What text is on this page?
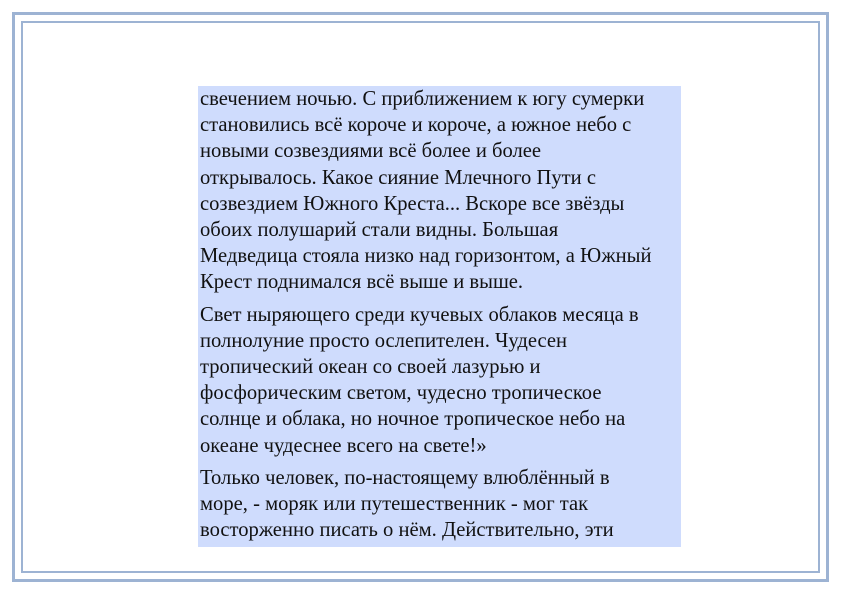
свечением ночью. С приближением к югу сумерки
становились всё короче и короче, а южное небо с
новыми созвездиями всё более и более
открывалось. Какое сияние Млечного Пути с
созвездием Южного Креста... Вскоре все звёзды
обоих полушарий стали видны. Большая
Медведица стояла низко над горизонтом, а Южный
Крест поднимался всё выше и выше.

Свет ныряющего среди кучевых облаков месяца в
полнолуние просто ослепителен. Чудесен
тропический океан со своей лазурью и
фосфорическим светом, чудесно тропическое
солнце и облака, но ночное тропическое небо на
океане чудеснее всего на свете!»

Только человек, по-настоящему влюблённый в
море, - моряк или путешественник - мог так
восторженно писать о нём. Действительно, эти
